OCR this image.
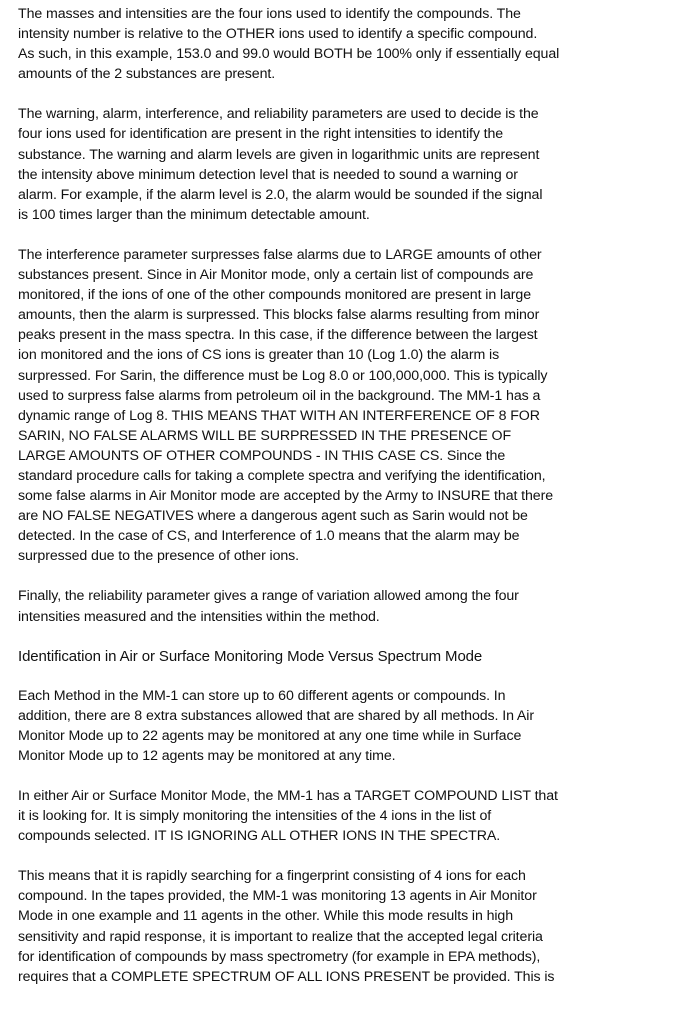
The masses and intensities are the four ions used to identify the compounds. The
intensity number is relative to the OTHER ions used to identify a specific compound.
As such, in this example, 153.0 and 99.0 would BOTH be 100% only if essentially equal
amounts of the 2 substances are present.
The warning, alarm, interference, and reliability parameters are used to decide is the
four ions used for identification are present in the right intensities to identify the
substance. The warning and alarm levels are given in logarithmic units are represent
the intensity above minimum detection level that is needed to sound a warning or
alarm. For example, if the alarm level is 2.0, the alarm would be sounded if the signal
is 100 times larger than the minimum detectable amount.
The interference parameter surpresses false alarms due to LARGE amounts of other
substances present. Since in Air Monitor mode, only a certain list of compounds are
monitored, if the ions of one of the other compounds monitored are present in large
amounts, then the alarm is surpressed. This blocks false alarms resulting from minor
peaks present in the mass spectra. In this case, if the difference between the largest
ion monitored and the ions of CS ions is greater than 10 (Log 1.0) the alarm is
surpressed. For Sarin, the difference must be Log 8.0 or 100,000,000. This is typically
used to surpress false alarms from petroleum oil in the background. The MM-1 has a
dynamic range of Log 8. THIS MEANS THAT WITH AN INTERFERENCE OF 8 FOR
SARIN, NO FALSE ALARMS WILL BE SURPRESSED IN THE PRESENCE OF
LARGE AMOUNTS OF OTHER COMPOUNDS - IN THIS CASE CS. Since the
standard procedure calls for taking a complete spectra and verifying the identification,
some false alarms in Air Monitor mode are accepted by the Army to INSURE that there
are NO FALSE NEGATIVES where a dangerous agent such as Sarin would not be
detected. In the case of CS, and Interference of 1.0 means that the alarm may be
surpressed due to the presence of other ions.
Finally, the reliability parameter gives a range of variation allowed among the four
intensities measured and the intensities within the method.
Identification in Air or Surface Monitoring Mode Versus Spectrum Mode
Each Method in the MM-1 can store up to 60 different agents or compounds. In
addition, there are 8 extra substances allowed that are shared by all methods. In Air
Monitor Mode up to 22 agents may be monitored at any one time while in Surface
Monitor Mode up to 12 agents may be monitored at any time.
In either Air or Surface Monitor Mode, the MM-1 has a TARGET COMPOUND LIST that
it is looking for. It is simply monitoring the intensities of the 4 ions in the list of
compounds selected. IT IS IGNORING ALL OTHER IONS IN THE SPECTRA.
This means that it is rapidly searching for a fingerprint consisting of 4 ions for each
compound. In the tapes provided, the MM-1 was monitoring 13 agents in Air Monitor
Mode in one example and 11 agents in the other. While this mode results in high
sensitivity and rapid response, it is important to realize that the accepted legal criteria
for identification of compounds by mass spectrometry (for example in EPA methods),
requires that a COMPLETE SPECTRUM OF ALL IONS PRESENT be provided. This is
